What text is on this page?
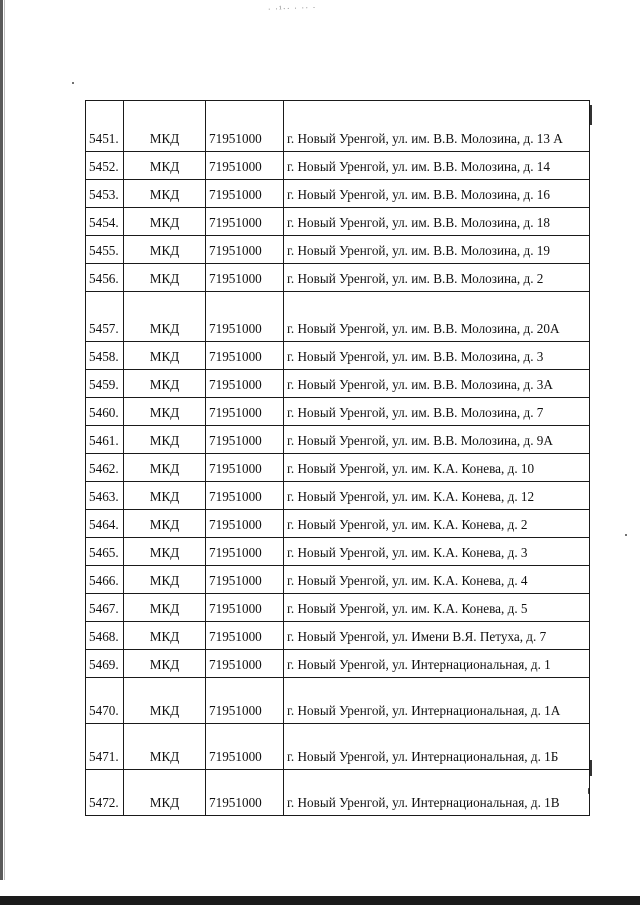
· ·¹·· · ·· ·
5451.	МКД	71951000	г. Новый Уренгой, ул. им. В.В. Молозина, д. 13 А
5452.	МКД	71951000	г. Новый Уренгой, ул. им. В.В. Молозина, д. 14
5453.	МКД	71951000	г. Новый Уренгой, ул. им. В.В. Молозина, д. 16
5454.	МКД	71951000	г. Новый Уренгой, ул. им. В.В. Молозина, д. 18
5455.	МКД	71951000	г. Новый Уренгой, ул. им. В.В. Молозина, д. 19
5456.	МКД	71951000	г. Новый Уренгой, ул. им. В.В. Молозина, д. 2
5457.	МКД	71951000	г. Новый Уренгой, ул. им. В.В. Молозина, д. 20А
5458.	МКД	71951000	г. Новый Уренгой, ул. им. В.В. Молозина, д. 3
5459.	МКД	71951000	г. Новый Уренгой, ул. им. В.В. Молозина, д. 3А
5460.	МКД	71951000	г. Новый Уренгой, ул. им. В.В. Молозина, д. 7
5461.	МКД	71951000	г. Новый Уренгой, ул. им. В.В. Молозина, д. 9А
5462.	МКД	71951000	г. Новый Уренгой, ул. им. К.А. Конева, д. 10
5463.	МКД	71951000	г. Новый Уренгой, ул. им. К.А. Конева, д. 12
5464.	МКД	71951000	г. Новый Уренгой, ул. им. К.А. Конева, д. 2
5465.	МКД	71951000	г. Новый Уренгой, ул. им. К.А. Конева, д. 3
5466.	МКД	71951000	г. Новый Уренгой, ул. им. К.А. Конева, д. 4
5467.	МКД	71951000	г. Новый Уренгой, ул. им. К.А. Конева, д. 5
5468.	МКД	71951000	г. Новый Уренгой, ул. Имени В.Я. Петуха, д. 7
5469.	МКД	71951000	г. Новый Уренгой, ул. Интернациональная, д. 1
5470.	МКД	71951000	г. Новый Уренгой, ул. Интернациональная, д. 1А
5471.	МКД	71951000	г. Новый Уренгой, ул. Интернациональная, д. 1Б
5472.	МКД	71951000	г. Новый Уренгой, ул. Интернациональная, д. 1В
